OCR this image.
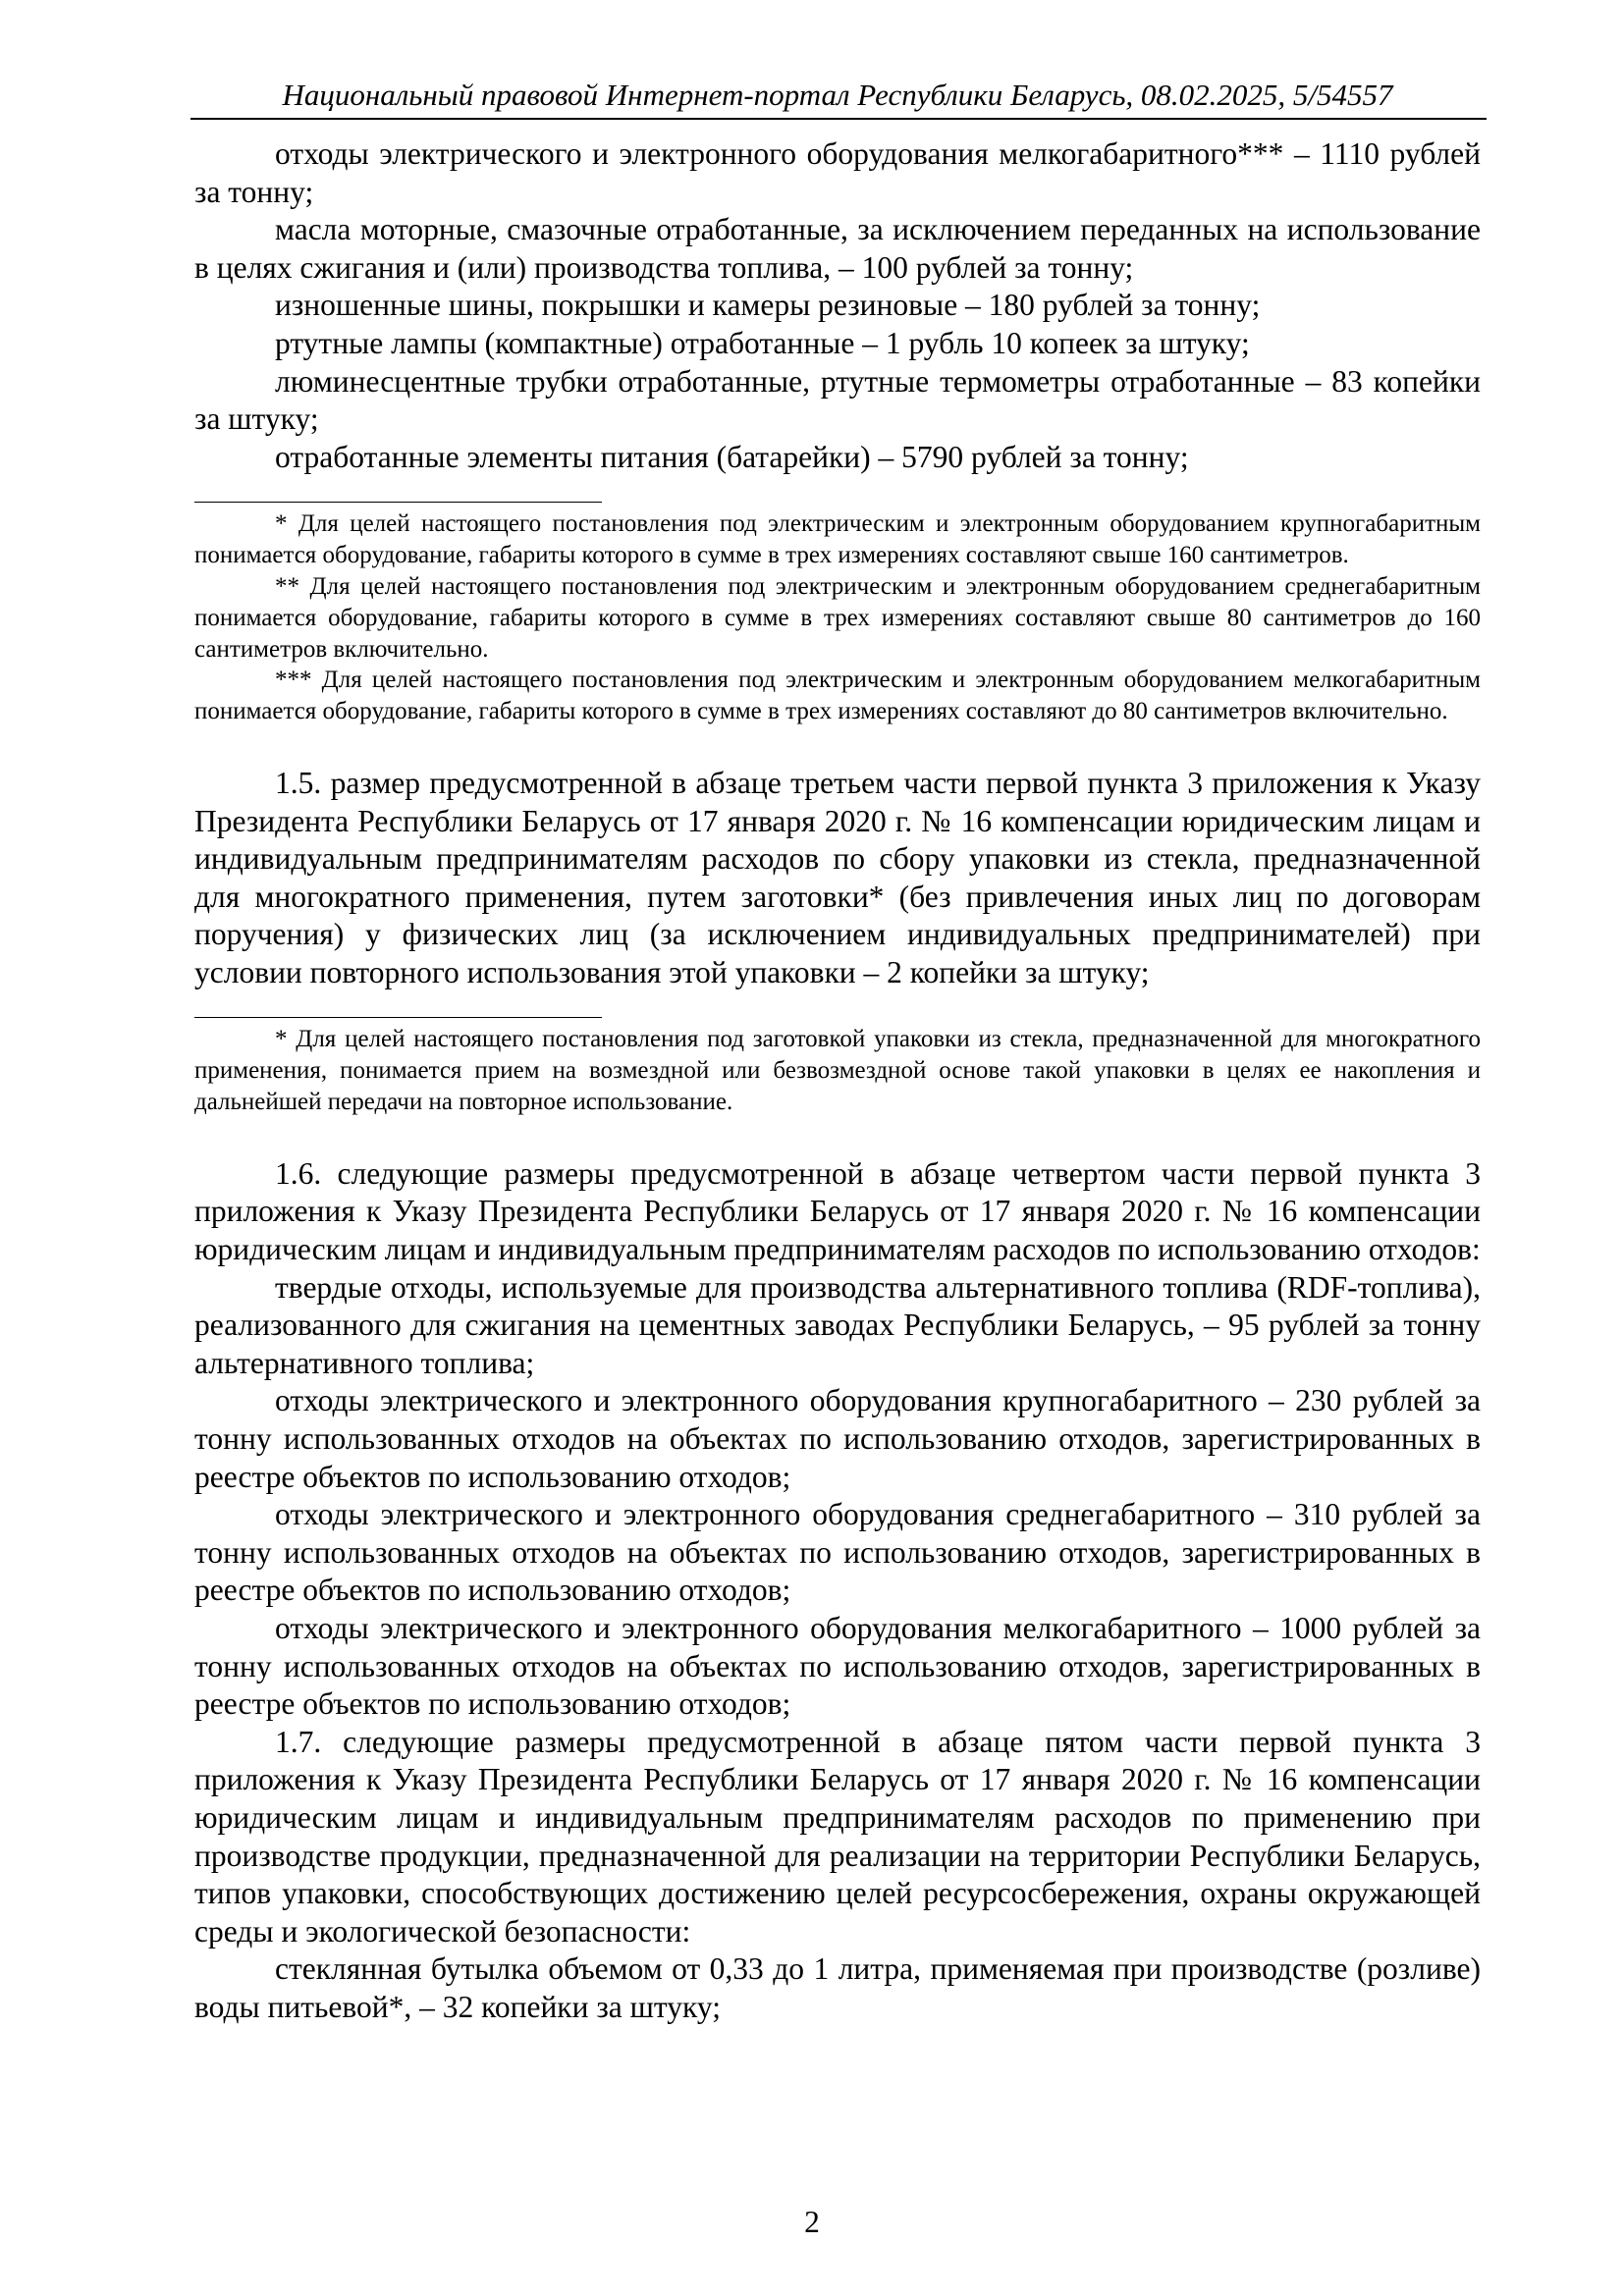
Национальный правовой Интернет-портал Республики Беларусь, 08.02.2025, 5/54557

отходы электрического и электронного оборудования мелкогабаритного*** – 1110 рублей за тонну;

масла моторные, смазочные отработанные, за исключением переданных на использование в целях сжигания и (или) производства топлива, – 100 рублей за тонну;

изношенные шины, покрышки и камеры резиновые – 180 рублей за тонну;

ртутные лампы (компактные) отработанные – 1 рубль 10 копеек за штуку;

люминесцентные трубки отработанные, ртутные термометры отработанные – 83 копейки за штуку;

отработанные элементы питания (батарейки) – 5790 рублей за тонну;

* Для целей настоящего постановления под электрическим и электронным оборудованием крупногабаритным понимается оборудование, габариты которого в сумме в трех измерениях составляют свыше 160 сантиметров.

** Для целей настоящего постановления под электрическим и электронным оборудованием среднегабаритным понимается оборудование, габариты которого в сумме в трех измерениях составляют свыше 80 сантиметров до 160 сантиметров включительно.

*** Для целей настоящего постановления под электрическим и электронным оборудованием мелкогабаритным понимается оборудование, габариты которого в сумме в трех измерениях составляют до 80 сантиметров включительно.

1.5. размер предусмотренной в абзаце третьем части первой пункта 3 приложения к Указу Президента Республики Беларусь от 17 января 2020 г. № 16 компенсации юридическим лицам и индивидуальным предпринимателям расходов по сбору упаковки из стекла, предназначенной для многократного применения, путем заготовки* (без привлечения иных лиц по договорам поручения) у физических лиц (за исключением индивидуальных предпринимателей) при условии повторного использования этой упаковки – 2 копейки за штуку;

* Для целей настоящего постановления под заготовкой упаковки из стекла, предназначенной для многократного применения, понимается прием на возмездной или безвозмездной основе такой упаковки в целях ее накопления и дальнейшей передачи на повторное использование.

1.6. следующие размеры предусмотренной в абзаце четвертом части первой пункта 3 приложения к Указу Президента Республики Беларусь от 17 января 2020 г. № 16 компенсации юридическим лицам и индивидуальным предпринимателям расходов по использованию отходов:

твердые отходы, используемые для производства альтернативного топлива (RDF-топлива), реализованного для сжигания на цементных заводах Республики Беларусь, – 95 рублей за тонну альтернативного топлива;

отходы электрического и электронного оборудования крупногабаритного – 230 рублей за тонну использованных отходов на объектах по использованию отходов, зарегистрированных в реестре объектов по использованию отходов;

отходы электрического и электронного оборудования среднегабаритного – 310 рублей за тонну использованных отходов на объектах по использованию отходов, зарегистрированных в реестре объектов по использованию отходов;

отходы электрического и электронного оборудования мелкогабаритного – 1000 рублей за тонну использованных отходов на объектах по использованию отходов, зарегистрированных в реестре объектов по использованию отходов;

1.7. следующие размеры предусмотренной в абзаце пятом части первой пункта 3 приложения к Указу Президента Республики Беларусь от 17 января 2020 г. № 16 компенсации юридическим лицам и индивидуальным предпринимателям расходов по применению при производстве продукции, предназначенной для реализации на территории Республики Беларусь, типов упаковки, способствующих достижению целей ресурсосбережения, охраны окружающей среды и экологической безопасности:

стеклянная бутылка объемом от 0,33 до 1 литра, применяемая при производстве (розливе) воды питьевой*, – 32 копейки за штуку;

2
